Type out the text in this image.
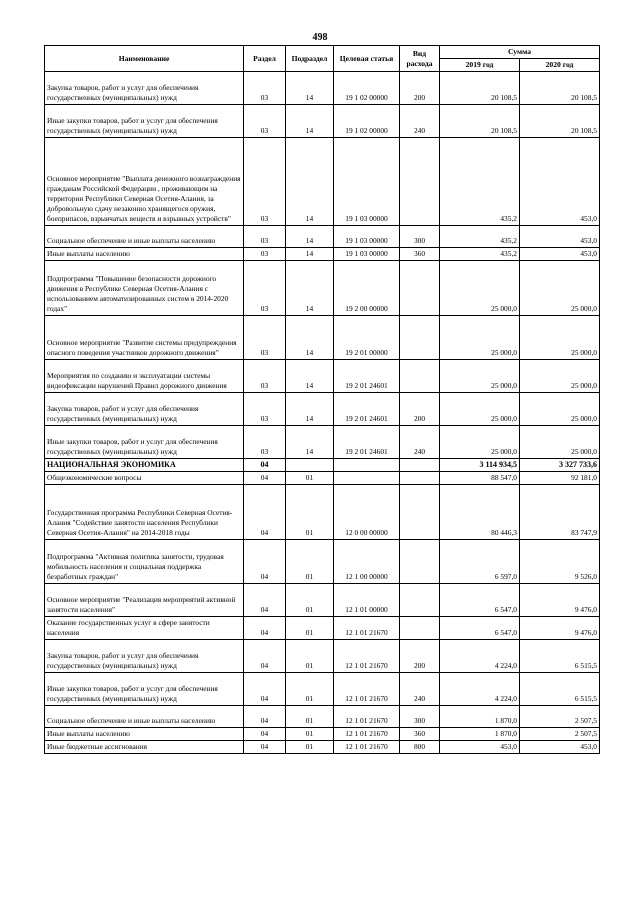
498
Наименование	Раздел	Подраздел	Целевая статья	Вид расхода	Сумма	
					2019 год	2020 год
Закупка товаров, работ и услуг для обеспечения государственных (муниципальных) нужд	03	14	19 1 02 00000	200	20 108,5	20 108,5
Иные закупки товаров, работ и услуг для обеспечения государственных (муниципальных) нужд	03	14	19 1 02 00000	240	20 108,5	20 108,5
Основное мероприятие "Выплата денежного вознаграждения гражданам Российской Федерации , проживающим на территории Республики Северная Осетия-Алания, за добровольную сдачу незаконно хранящегося оружия, боеприпасов, взрывчатых веществ и взрывных устройств"	03	14	19 1 03 00000		435,2	453,0
Социальное обеспечение и иные выплаты населению	03	14	19 1 03 00000	300	435,2	453,0
Иные выплаты населению	03	14	19 1 03 00000	360	435,2	453,0
Подпрограмма "Повышение безопасности дорожного движения в Республике Северная Осетия-Алания с использованием автоматизированных систем в 2014-2020 годах"	03	14	19 2 00 00000		25 000,0	25 000,0
Основное мероприятие "Развитие системы предупреждения опасного поведения участников дорожного движения"	03	14	19 2 01 00000		25 000,0	25 000,0
Мероприятия по созданию и эксплуатации системы видеофиксации нарушений Правил дорожного движения	03	14	19 2 01 24601		25 000,0	25 000,0
Закупка товаров, работ и услуг для обеспечения государственных (муниципальных) нужд	03	14	19 2 01 24601	200	25 000,0	25 000,0
Иные закупки товаров, работ и услуг для обеспечения государственных (муниципальных) нужд	03	14	19 2 01 24601	240	25 000,0	25 000,0
НАЦИОНАЛЬНАЯ ЭКОНОМИКА	04				3 114 934,5	3 327 733,6
Общеэкономические вопросы	04	01			88 547,0	92 181,0
Государственная программа Республики Северная Осетия-Алания "Содействие занятости населения Республики Северная Осетия-Алания" на 2014-2018 годы	04	01	12 0 00 00000		80 446,3	83 747,9
Подпрограмма "Активная политика занятости, трудовая мобильность населения и социальная поддержка безработных граждан"	04	01	12 1 00 00000		6 597,0	9 526,0
Основное мероприятие "Реализация мероприятий активной занятости населения"	04	01	12 1 01 00000		6 547,0	9 476,0
Оказание государственных услуг в сфере занятости населения	04	01	12 1 01 21670		6 547,0	9 476,0
Закупка товаров, работ и услуг для обеспечения государственных (муниципальных) нужд	04	01	12 1 01 21670	200	4 224,0	6 515,5
Иные закупки товаров, работ и услуг для обеспечения государственных (муниципальных) нужд	04	01	12 1 01 21670	240	4 224,0	6 515,5
Социальное обеспечение и иные выплаты населению	04	01	12 1 01 21670	300	1 870,0	2 507,5
Иные выплаты населению	04	01	12 1 01 21670	360	1 870,0	2 507,5
Иные бюджетные ассигнования	04	01	12 1 01 21670	800	453,0	453,0
